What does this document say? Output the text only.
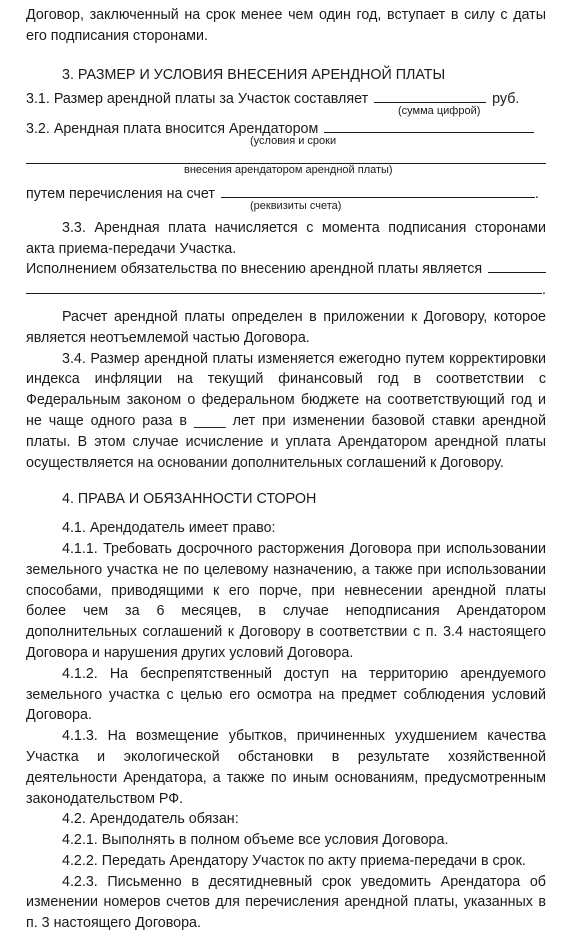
Договор, заключенный на срок менее чем один год, вступает в силу с даты его подписания сторонами.
3. РАЗМЕР И УСЛОВИЯ ВНЕСЕНИЯ АРЕНДНОЙ ПЛАТЫ
3.1. Размер арендной платы за Участок составляет	руб.
(сумма цифрой)
3.2. Арендная плата вносится Арендатором
(условия и сроки
внесения арендатором арендной платы)
путем перечисления на счет	.
(реквизиты счета)
3.3. Арендная плата начисляется с момента подписания сторонами акта приема-передачи Участка.
Исполнением обязательства по внесению арендной платы является
.
Расчет арендной платы определен в приложении к Договору, которое является неотъемлемой частью Договора.
3.4. Размер арендной платы изменяется ежегодно путем корректировки индекса инфляции на текущий финансовый год в соответствии с Федеральным законом о федеральном бюджете на соответствующий год и не чаще одного раза в ____ лет при изменении базовой ставки арендной платы. В этом случае исчисление и уплата Арендатором арендной платы осуществляется на основании дополнительных соглашений к Договору.
4. ПРАВА И ОБЯЗАННОСТИ СТОРОН
4.1. Арендодатель имеет право:
4.1.1. Требовать досрочного расторжения Договора при использовании земельного участка не по целевому назначению, а также при использовании способами, приводящими к его порче, при невнесении арендной платы более чем за 6 месяцев, в случае неподписания Арендатором дополнительных соглашений к Договору в соответствии с п. 3.4 настоящего Договора и нарушения других условий Договора.
4.1.2. На беспрепятственный доступ на территорию арендуемого земельного участка с целью его осмотра на предмет соблюдения условий Договора.
4.1.3. На возмещение убытков, причиненных ухудшением качества Участка и экологической обстановки в результате хозяйственной деятельности Арендатора, а также по иным основаниям, предусмотренным законодательством РФ.
4.2. Арендодатель обязан:
4.2.1. Выполнять в полном объеме все условия Договора.
4.2.2. Передать Арендатору Участок по акту приема-передачи в срок.
4.2.3. Письменно в десятидневный срок уведомить Арендатора об изменении номеров счетов для перечисления арендной платы, указанных в п. 3 настоящего Договора.
